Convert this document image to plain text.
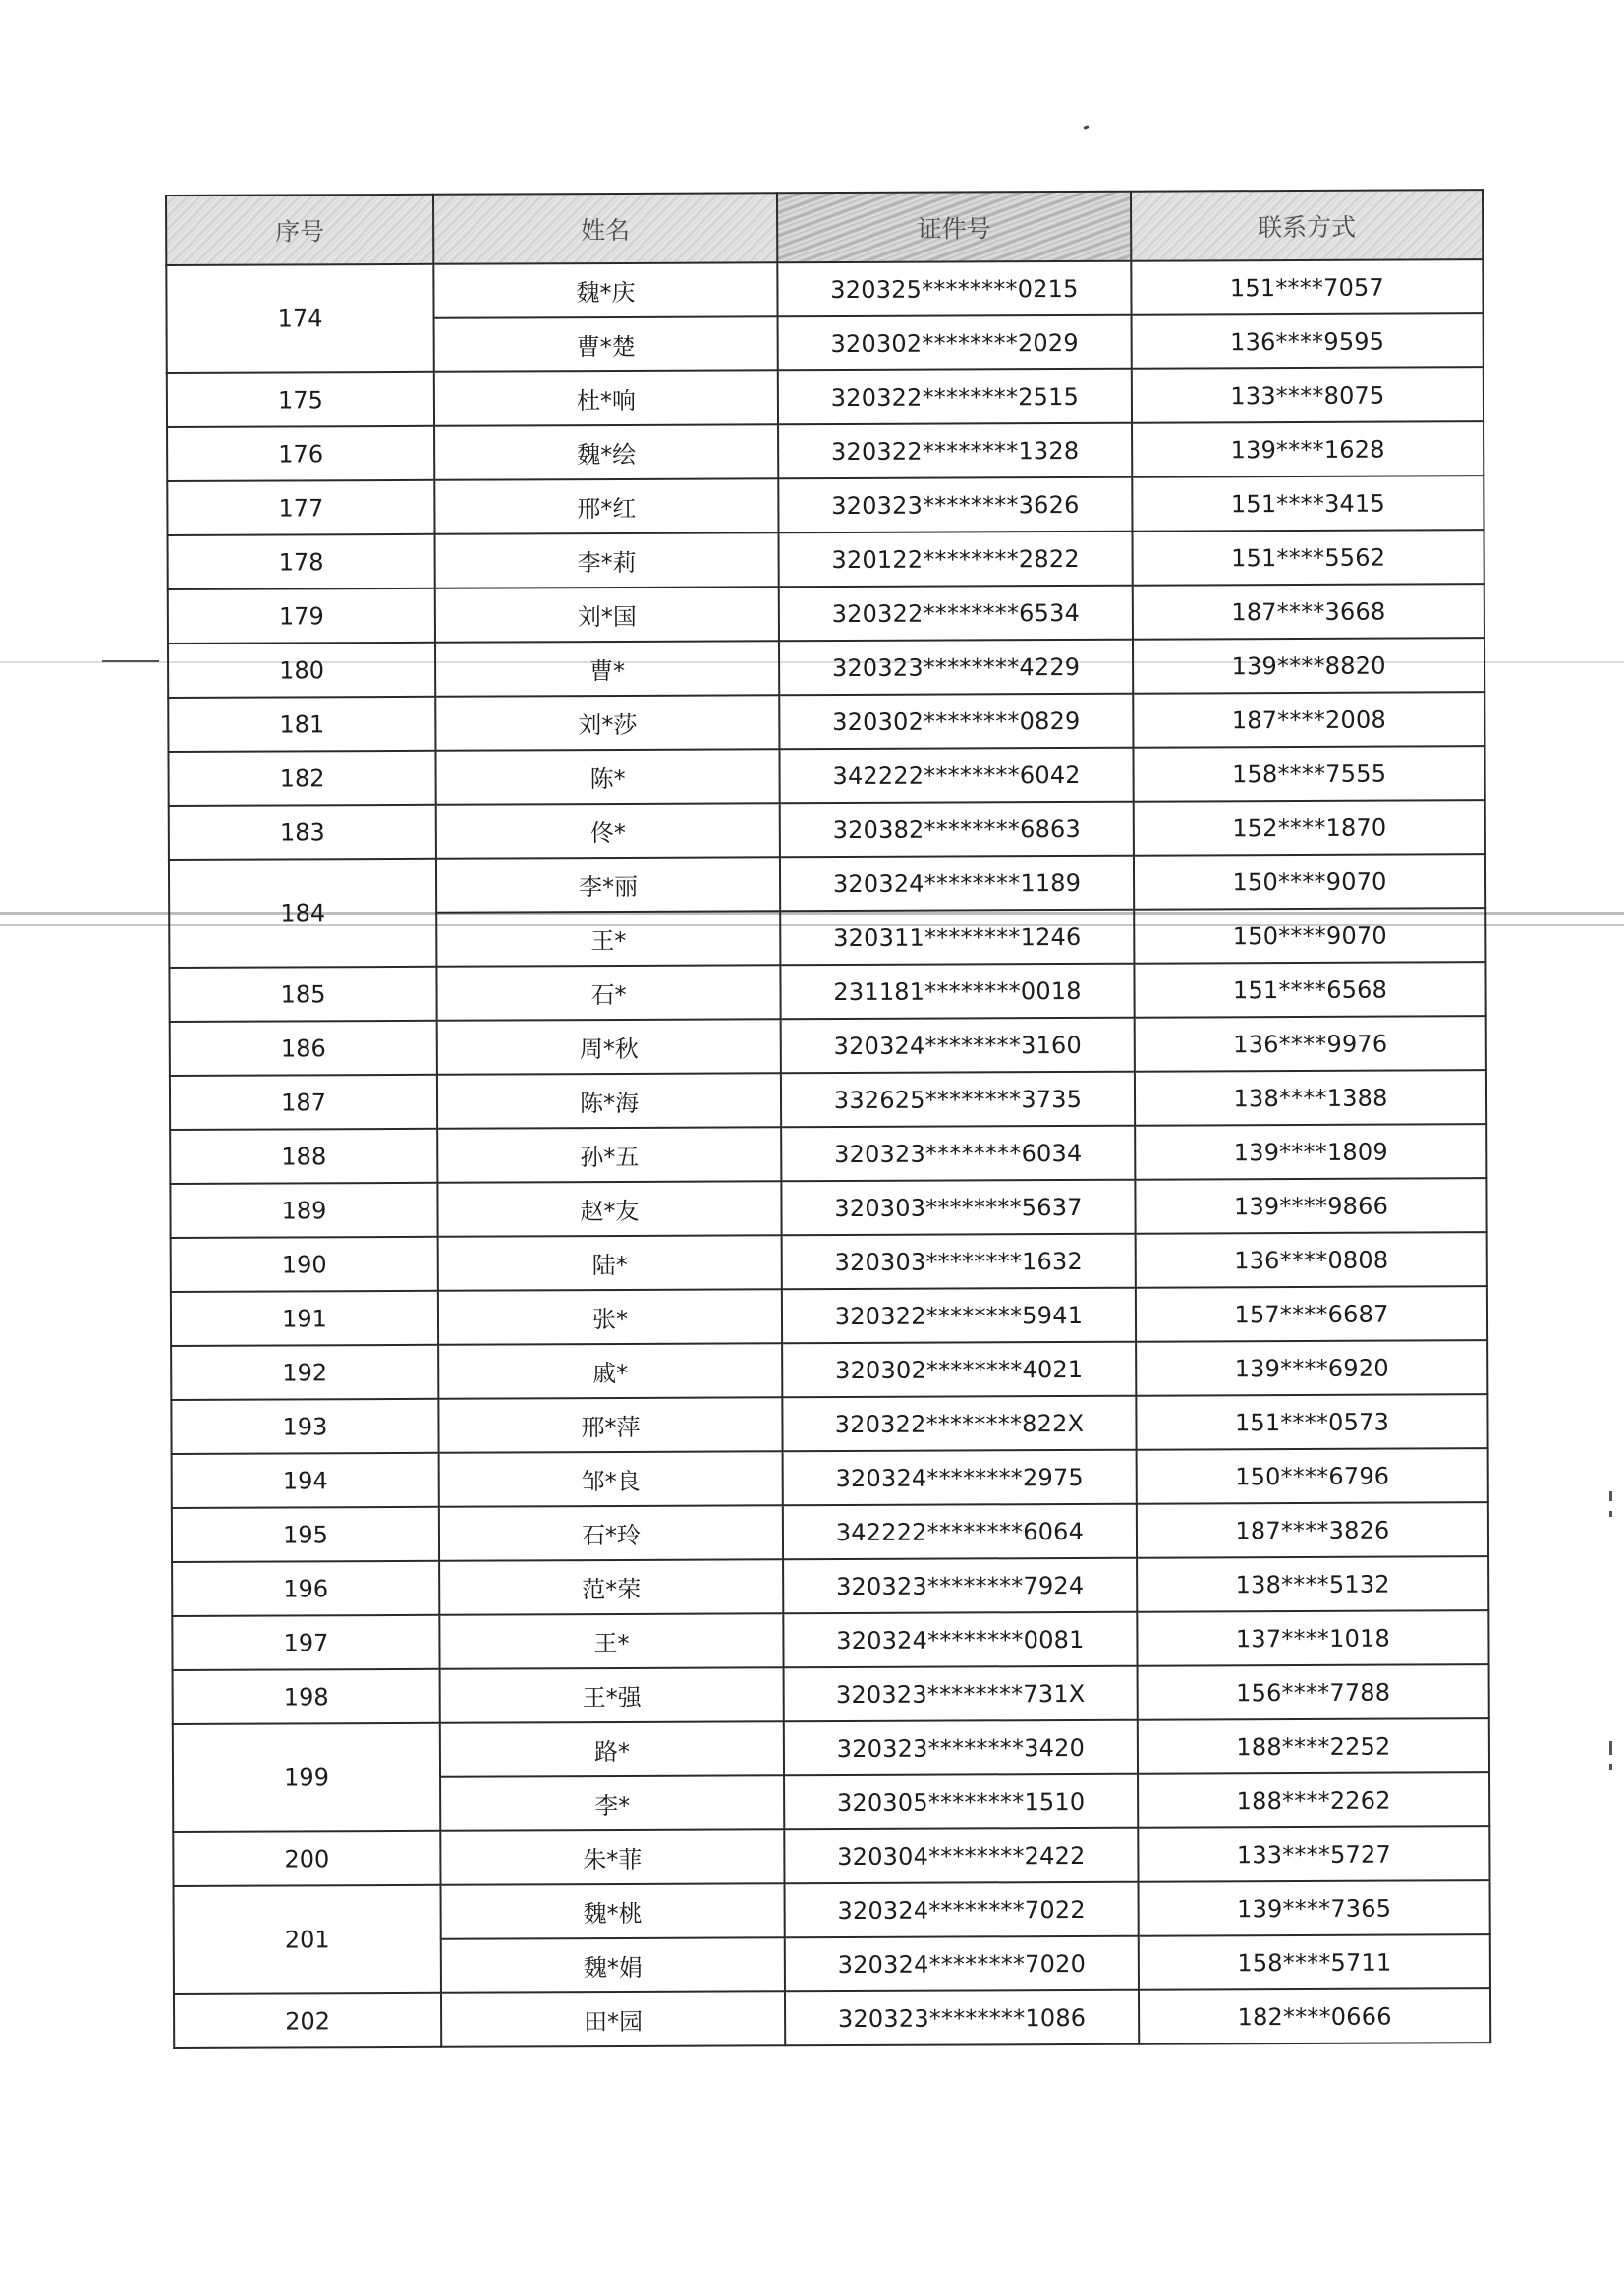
序号	姓名	证件号	联系方式
174	魏*庆	320325********0215	151****7057
	曹*楚	320302********2029	136****9595
175	杜*响	320322********2515	133****8075
176	魏*绘	320322********1328	139****1628
177	邢*红	320323********3626	151****3415
178	李*莉	320122********2822	151****5562
179	刘*国	320322********6534	187****3668
180	曹*	320323********4229	139****8820
181	刘*莎	320302********0829	187****2008
182	陈*	342222********6042	158****7555
183	佟*	320382********6863	152****1870
184	李*丽	320324********1189	150****9070
	王*	320311********1246	150****9070
185	石*	231181********0018	151****6568
186	周*秋	320324********3160	136****9976
187	陈*海	332625********3735	138****1388
188	孙*五	320323********6034	139****1809
189	赵*友	320303********5637	139****9866
190	陆*	320303********1632	136****0808
191	张*	320322********5941	157****6687
192	戚*	320302********4021	139****6920
193	邢*萍	320322********822X	151****0573
194	邹*良	320324********2975	150****6796
195	石*玲	342222********6064	187****3826
196	范*荣	320323********7924	138****5132
197	王*	320324********0081	137****1018
198	王*强	320323********731X	156****7788
199	路*	320323********3420	188****2252
	李*	320305********1510	188****2262
200	朱*菲	320304********2422	133****5727
201	魏*桃	320324********7022	139****7365
	魏*娟	320324********7020	158****5711
202	田*园	320323********1086	182****0666
